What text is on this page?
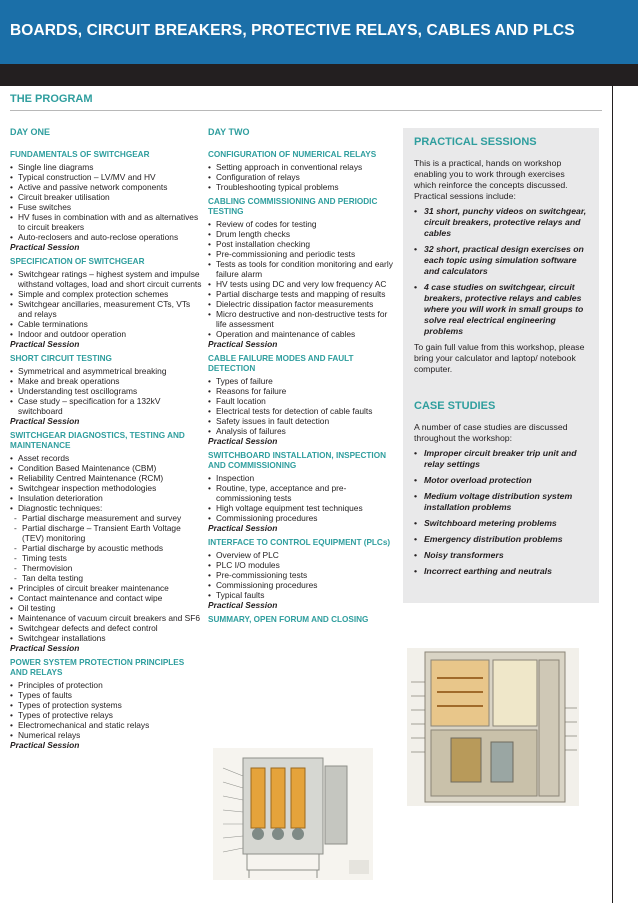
BOARDS, CIRCUIT BREAKERS, PROTECTIVE RELAYS, CABLES AND PLCS
THE PROGRAM
DAY ONE
FUNDAMENTALS OF SWITCHGEAR
• Single line diagrams
• Typical construction – LV/MV and HV
• Active and passive network components
• Circuit breaker utilisation
• Fuse switches
• HV fuses in combination with and as alternatives to circuit breakers
• Auto-reclosers and auto-reclose operations
Practical Session
SPECIFICATION OF SWITCHGEAR
• Switchgear ratings – highest system and impulse withstand voltages, load and short circuit currents
• Simple and complex protection schemes
• Switchgear ancillaries, measurement CTs, VTs and relays
• Cable terminations
• Indoor and outdoor operation
Practical Session
SHORT CIRCUIT TESTING
• Symmetrical and asymmetrical breaking
• Make and break operations
• Understanding test oscillograms
• Case study – specification for a 132kV switchboard
Practical Session
SWITCHGEAR DIAGNOSTICS, TESTING AND MAINTENANCE
• Asset records
• Condition Based Maintenance (CBM)
• Reliability Centred Maintenance (RCM)
• Switchgear inspection methodologies
• Insulation deterioration
• Diagnostic techniques:
- Partial discharge measurement and survey
- Partial discharge – Transient Earth Voltage (TEV) monitoring
- Partial discharge by acoustic methods
- Timing tests
- Thermovision
- Tan delta testing
• Principles of circuit breaker maintenance
• Contact maintenance and contact wipe
• Oil testing
• Maintenance of vacuum circuit breakers and SF6
• Switchgear defects and defect control
• Switchgear installations
Practical Session
POWER SYSTEM PROTECTION PRINCIPLES AND RELAYS
• Principles of protection
• Types of faults
• Types of protection systems
• Types of protective relays
• Electromechanical and static relays
• Numerical relays
Practical Session
DAY TWO
CONFIGURATION OF NUMERICAL RELAYS
• Setting approach in conventional relays
• Configuration of relays
• Troubleshooting typical problems
CABLING COMMISSIONING AND PERIODIC TESTING
• Review of codes for testing
• Drum length checks
• Post installation checking
• Pre-commissioning and periodic tests
• Tests as tools for condition monitoring and early failure alarm
• HV tests using DC and very low frequency AC
• Partial discharge tests and mapping of results
• Dielectric dissipation factor measurements
• Micro destructive and non-destructive tests for life assessment
• Operation and maintenance of cables
Practical Session
CABLE FAILURE MODES AND FAULT DETECTION
• Types of failure
• Reasons for failure
• Fault location
• Electrical tests for detection of cable faults
• Safety issues in fault detection
• Analysis of failures
Practical Session
SWITCHBOARD INSTALLATION, INSPECTION AND COMMISSIONING
• Inspection
• Routine, type, acceptance and pre-commissioning tests
• High voltage equipment test techniques
• Commissioning procedures
Practical Session
INTERFACE TO CONTROL EQUIPMENT (PLCs)
• Overview of PLC
• PLC I/O modules
• Pre-commissioning tests
• Commissioning procedures
• Typical faults
Practical Session
SUMMARY, OPEN FORUM AND CLOSING
PRACTICAL SESSIONS

This is a practical, hands on workshop enabling you to work through exercises which reinforce the concepts discussed. Practical sessions include:

• 31 short, punchy videos on switchgear, circuit breakers, protective relays and cables
• 32 short, practical design exercises on each topic using simulation software and calculators
• 4 case studies on switchgear, circuit breakers, protective relays and cables where you will work in small groups to solve real electrical engineering problems

To gain full value from this workshop, please bring your calculator and laptop/ notebook computer.

CASE STUDIES

A number of case studies are discussed throughout the workshop:

• Improper circuit breaker trip unit and relay settings
• Motor overload protection
• Medium voltage distribution system installation problems
• Switchboard metering problems
• Emergency distribution problems
• Noisy transformers
• Incorrect earthing and neutrals
